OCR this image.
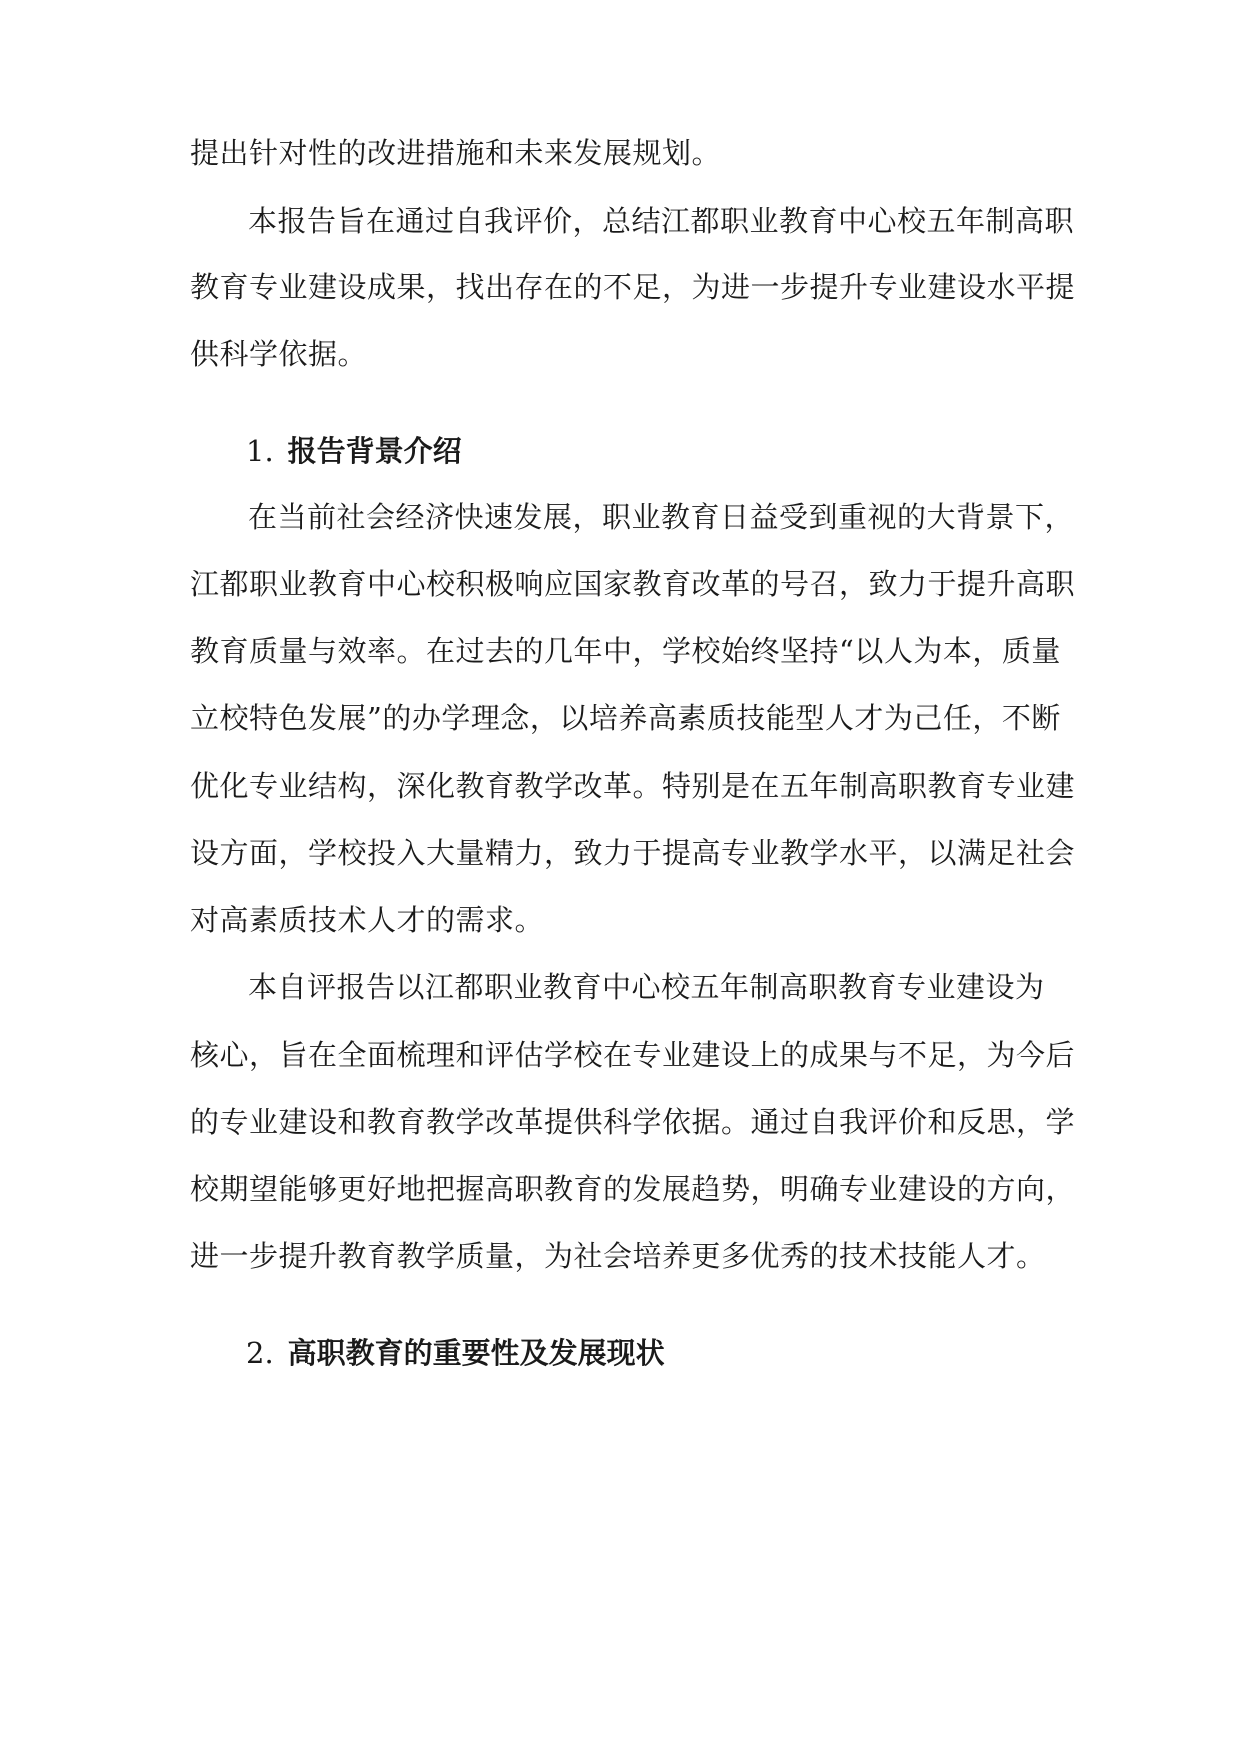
提出针对性的改进措施和未来发展规划。
本报告旨在通过自我评价，总结江都职业教育中心校五年制高职
教育专业建设成果，找出存在的不足，为进一步提升专业建设水平提
供科学依据。
1. 报告背景介绍
在当前社会经济快速发展，职业教育日益受到重视的大背景下，
江都职业教育中心校积极响应国家教育改革的号召，致力于提升高职
教育质量与效率。在过去的几年中，学校始终坚持“以人为本，质量
立校特色发展”的办学理念，以培养高素质技能型人才为己任，不断
优化专业结构，深化教育教学改革。特别是在五年制高职教育专业建
设方面，学校投入大量精力，致力于提高专业教学水平，以满足社会
对高素质技术人才的需求。
本自评报告以江都职业教育中心校五年制高职教育专业建设为
核心，旨在全面梳理和评估学校在专业建设上的成果与不足，为今后
的专业建设和教育教学改革提供科学依据。通过自我评价和反思，学
校期望能够更好地把握高职教育的发展趋势，明确专业建设的方向，
进一步提升教育教学质量，为社会培养更多优秀的技术技能人才。
2. 高职教育的重要性及发展现状
